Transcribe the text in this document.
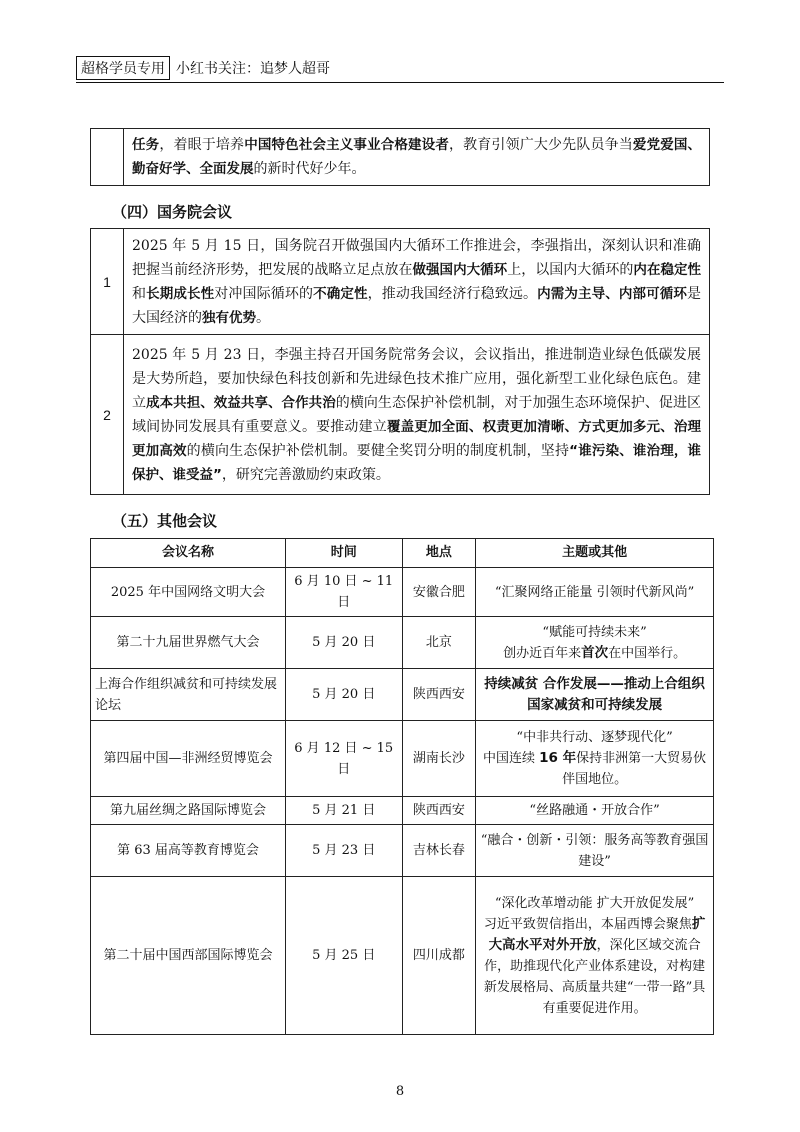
超格学员专用 小红书关注：追梦人超哥
	任务，着眼于培养中国特色社会主义事业合格建设者，教育引领广大少先队员争当爱党爱国、勤奋好学、全面发展的新时代好少年。
（四）国务院会议
1	2025 年 5 月 15 日，国务院召开做强国内大循环工作推进会，李强指出，深刻认识和准确把握当前经济形势，把发展的战略立足点放在做强国内大循环上，以国内大循环的内在稳定性和长期成长性对冲国际循环的不确定性，推动我国经济行稳致远。内需为主导、内部可循环是大国经济的独有优势。
2	2025 年 5 月 23 日，李强主持召开国务院常务会议，会议指出，推进制造业绿色低碳发展是大势所趋，要加快绿色科技创新和先进绿色技术推广应用，强化新型工业化绿色底色。建立成本共担、效益共享、合作共治的横向生态保护补偿机制，对于加强生态环境保护、促进区域间协同发展具有重要意义。要推动建立覆盖更加全面、权责更加清晰、方式更加多元、治理更加高效的横向生态保护补偿机制。要健全奖罚分明的制度机制，坚持“谁污染、谁治理，谁保护、谁受益”，研究完善激励约束政策。
（五）其他会议
会议名称	时间	地点	主题或其他
2025 年中国网络文明大会	6 月 10 日 ~ 11 日	安徽合肥	“汇聚网络正能量 引领时代新风尚”
第二十九届世界燃气大会	5 月 20 日	北京	“赋能可持续未来”
创办近百年来首次在中国举行。
上海合作组织减贫和可持续发展论坛	5 月 20 日	陕西西安	持续减贫 合作发展——推动上合组织国家减贫和可持续发展
第四届中国—非洲经贸博览会	6 月 12 日 ~ 15 日	湖南长沙	“中非共行动、逐梦现代化”
中国连续 16 年保持非洲第一大贸易伙伴国地位。
第九届丝绸之路国际博览会	5 月 21 日	陕西西安	“丝路融通・开放合作”
第 63 届高等教育博览会	5 月 23 日	吉林长春	“融合・创新・引领：服务高等教育强国建设”
第二十届中国西部国际博览会	5 月 25 日	四川成都	“深化改革增动能 扩大开放促发展”
习近平致贺信指出，本届西博会聚焦扩大高水平对外开放，深化区域交流合作，助推现代化产业体系建设，对构建新发展格局、高质量共建“一带一路”具有重要促进作用。
8
